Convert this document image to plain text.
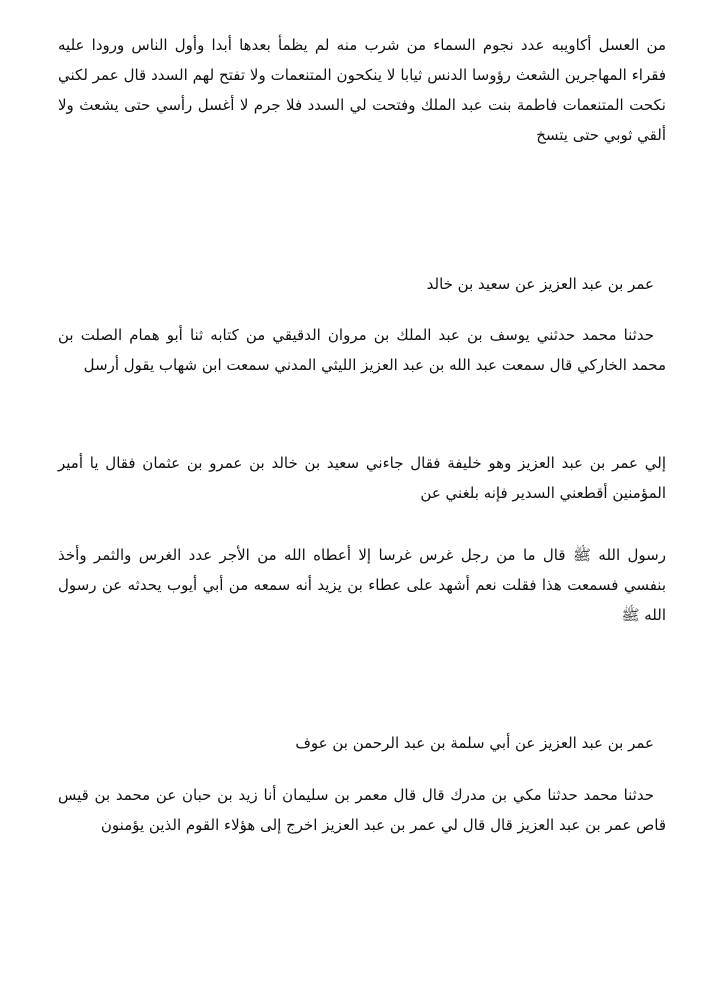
من العسل أكاويبه عدد نجوم السماء من شرب منه لم يظمأ بعدها أبدا وأول الناس ورودا عليه فقراء المهاجرين الشعث رؤوسا الدنس ثيابا لا ينكحون المتنعمات ولا تفتح لهم السدد قال عمر لكني نكحت المتنعمات فاطمة بنت عبد الملك وفتحت لي السدد فلا جرم لا أغسل رأسي حتى يشعث ولا ألقي ثوبي حتى يتسخ

عمر بن عبد العزيز عن سعيد بن خالد

حدثنا محمد حدثني يوسف بن عبد الملك بن مروان الدقيقي من كتابه ثنا أبو همام الصلت بن محمد الخاركي قال سمعت عبد الله بن عبد العزيز الليثي المدني سمعت ابن شهاب يقول أرسل

إلي عمر بن عبد العزيز وهو خليفة فقال جاءني سعيد بن خالد بن عمرو بن عثمان فقال يا أمير المؤمنين أقطعني السدير فإنه بلغني عن

رسول الله ﷺ قال ما من رجل غرس غرسا إلا أعطاه الله من الأجر عدد الغرس والثمر وأخذ بنفسي فسمعت هذا فقلت نعم أشهد على عطاء بن يزيد أنه سمعه من أبي أيوب يحدثه عن رسول الله ﷺ

عمر بن عبد العزيز عن أبي سلمة بن عبد الرحمن بن عوف

حدثنا محمد حدثنا مكي بن مدرك قال قال معمر بن سليمان أنا زيد بن حبان عن محمد بن قيس قاص عمر بن عبد العزيز قال قال لي عمر بن عبد العزيز اخرج إلى هؤلاء القوم الذين يؤمنون
